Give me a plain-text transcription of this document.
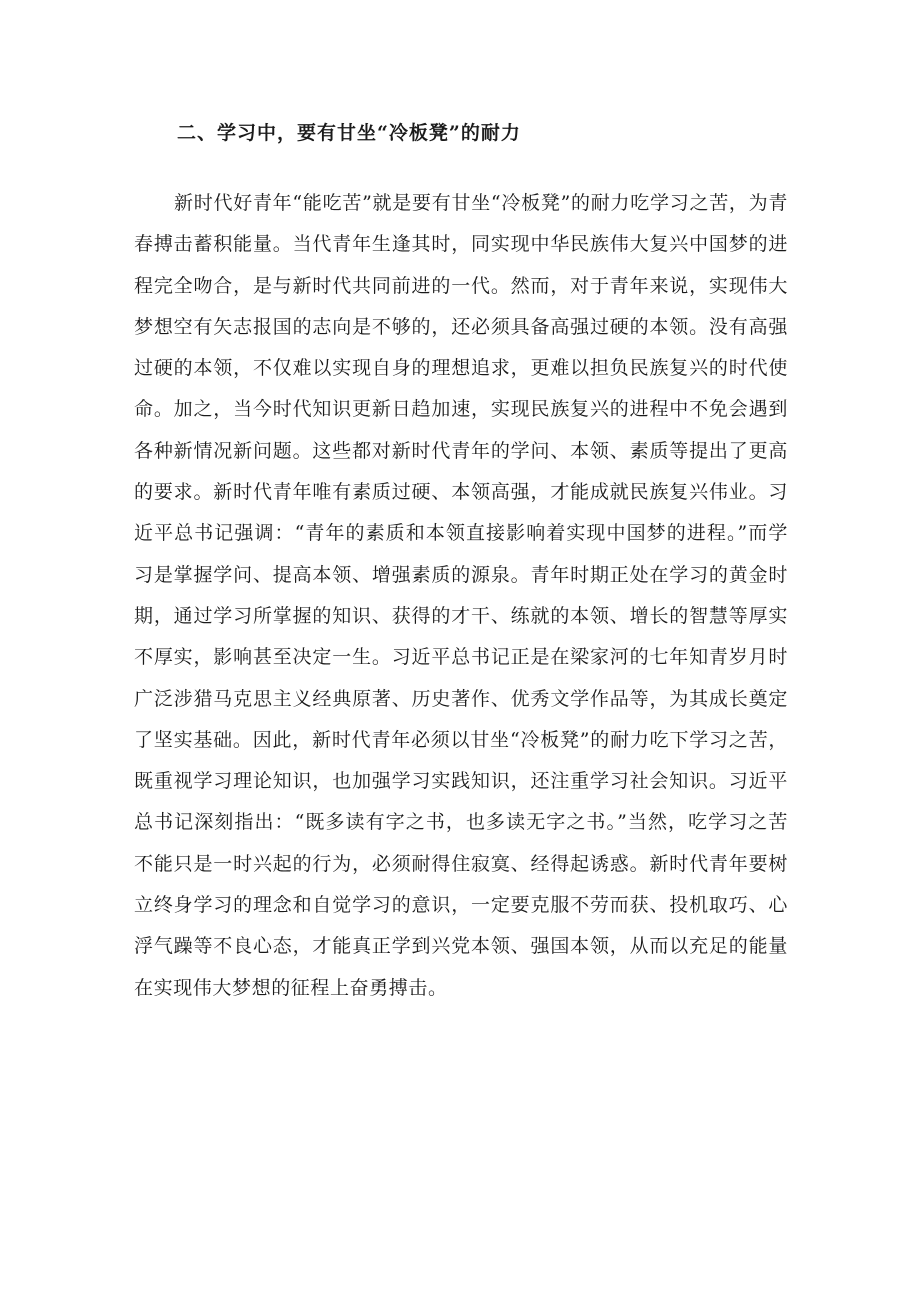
二、学习中，要有甘坐“冷板凳”的耐力

新时代好青年“能吃苦”就是要有甘坐“冷板凳”的耐力吃学习之苦，为青春搏击蓄积能量。当代青年生逢其时，同实现中华民族伟大复兴中国梦的进程完全吻合，是与新时代共同前进的一代。然而，对于青年来说，实现伟大梦想空有矢志报国的志向是不够的，还必须具备高强过硬的本领。没有高强过硬的本领，不仅难以实现自身的理想追求，更难以担负民族复兴的时代使命。加之，当今时代知识更新日趋加速，实现民族复兴的进程中不免会遇到各种新情况新问题。这些都对新时代青年的学问、本领、素质等提出了更高的要求。新时代青年唯有素质过硬、本领高强，才能成就民族复兴伟业。习近平总书记强调：“青年的素质和本领直接影响着实现中国梦的进程。”而学习是掌握学问、提高本领、增强素质的源泉。青年时期正处在学习的黄金时期，通过学习所掌握的知识、获得的才干、练就的本领、增长的智慧等厚实不厚实，影响甚至决定一生。习近平总书记正是在梁家河的七年知青岁月时广泛涉猎马克思主义经典原著、历史著作、优秀文学作品等，为其成长奠定了坚实基础。因此，新时代青年必须以甘坐“冷板凳”的耐力吃下学习之苦，既重视学习理论知识，也加强学习实践知识，还注重学习社会知识。习近平总书记深刻指出：“既多读有字之书，也多读无字之书。”当然，吃学习之苦不能只是一时兴起的行为，必须耐得住寂寞、经得起诱惑。新时代青年要树立终身学习的理念和自觉学习的意识，一定要克服不劳而获、投机取巧、心浮气躁等不良心态，才能真正学到兴党本领、强国本领，从而以充足的能量在实现伟大梦想的征程上奋勇搏击。
